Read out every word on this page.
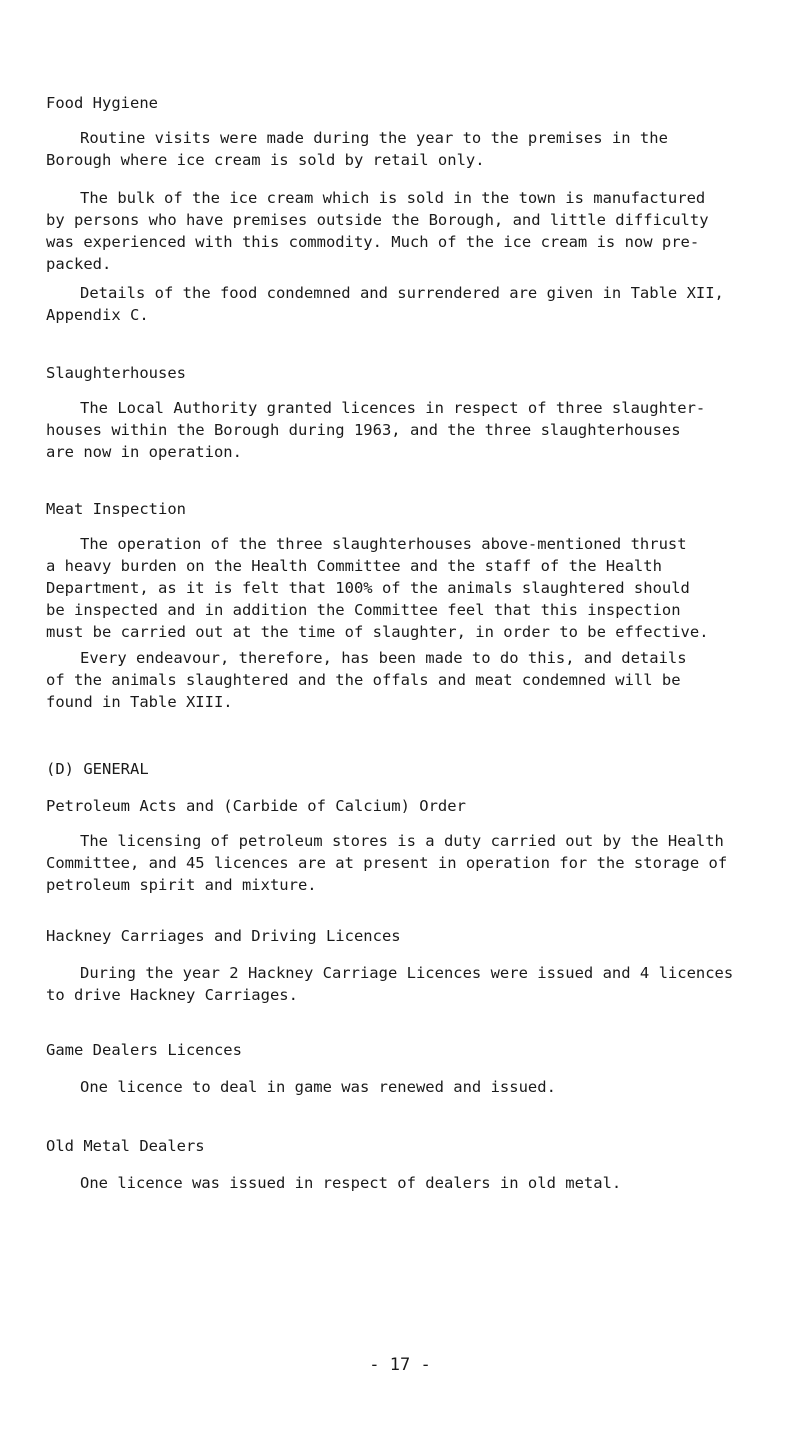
Food Hygiene
Routine visits were made during the year to the premises in the
Borough where ice cream is sold by retail only.
The bulk of the ice cream which is sold in the town is manufactured
by persons who have premises outside the Borough, and little difficulty
was experienced with this commodity. Much of the ice cream is now pre-
packed.
Details of the food condemned and surrendered are given in Table XII,
Appendix C.
Slaughterhouses
The Local Authority granted licences in respect of three slaughter-
houses within the Borough during 1963, and the three slaughterhouses
are now in operation.
Meat Inspection
The operation of the three slaughterhouses above-mentioned thrust
a heavy burden on the Health Committee and the staff of the Health
Department, as it is felt that 100% of the animals slaughtered should
be inspected and in addition the Committee feel that this inspection
must be carried out at the time of slaughter, in order to be effective.
Every endeavour, therefore, has been made to do this, and details
of the animals slaughtered and the offals and meat condemned will be
found in Table XIII.
(D) GENERAL
Petroleum Acts and (Carbide of Calcium) Order
The licensing of petroleum stores is a duty carried out by the Health
Committee, and 45 licences are at present in operation for the storage of
petroleum spirit and mixture.
Hackney Carriages and Driving Licences
During the year 2 Hackney Carriage Licences were issued and 4 licences
to drive Hackney Carriages.
Game Dealers Licences
One licence to deal in game was renewed and issued.
Old Metal Dealers
One licence was issued in respect of dealers in old metal.
- 17 -
